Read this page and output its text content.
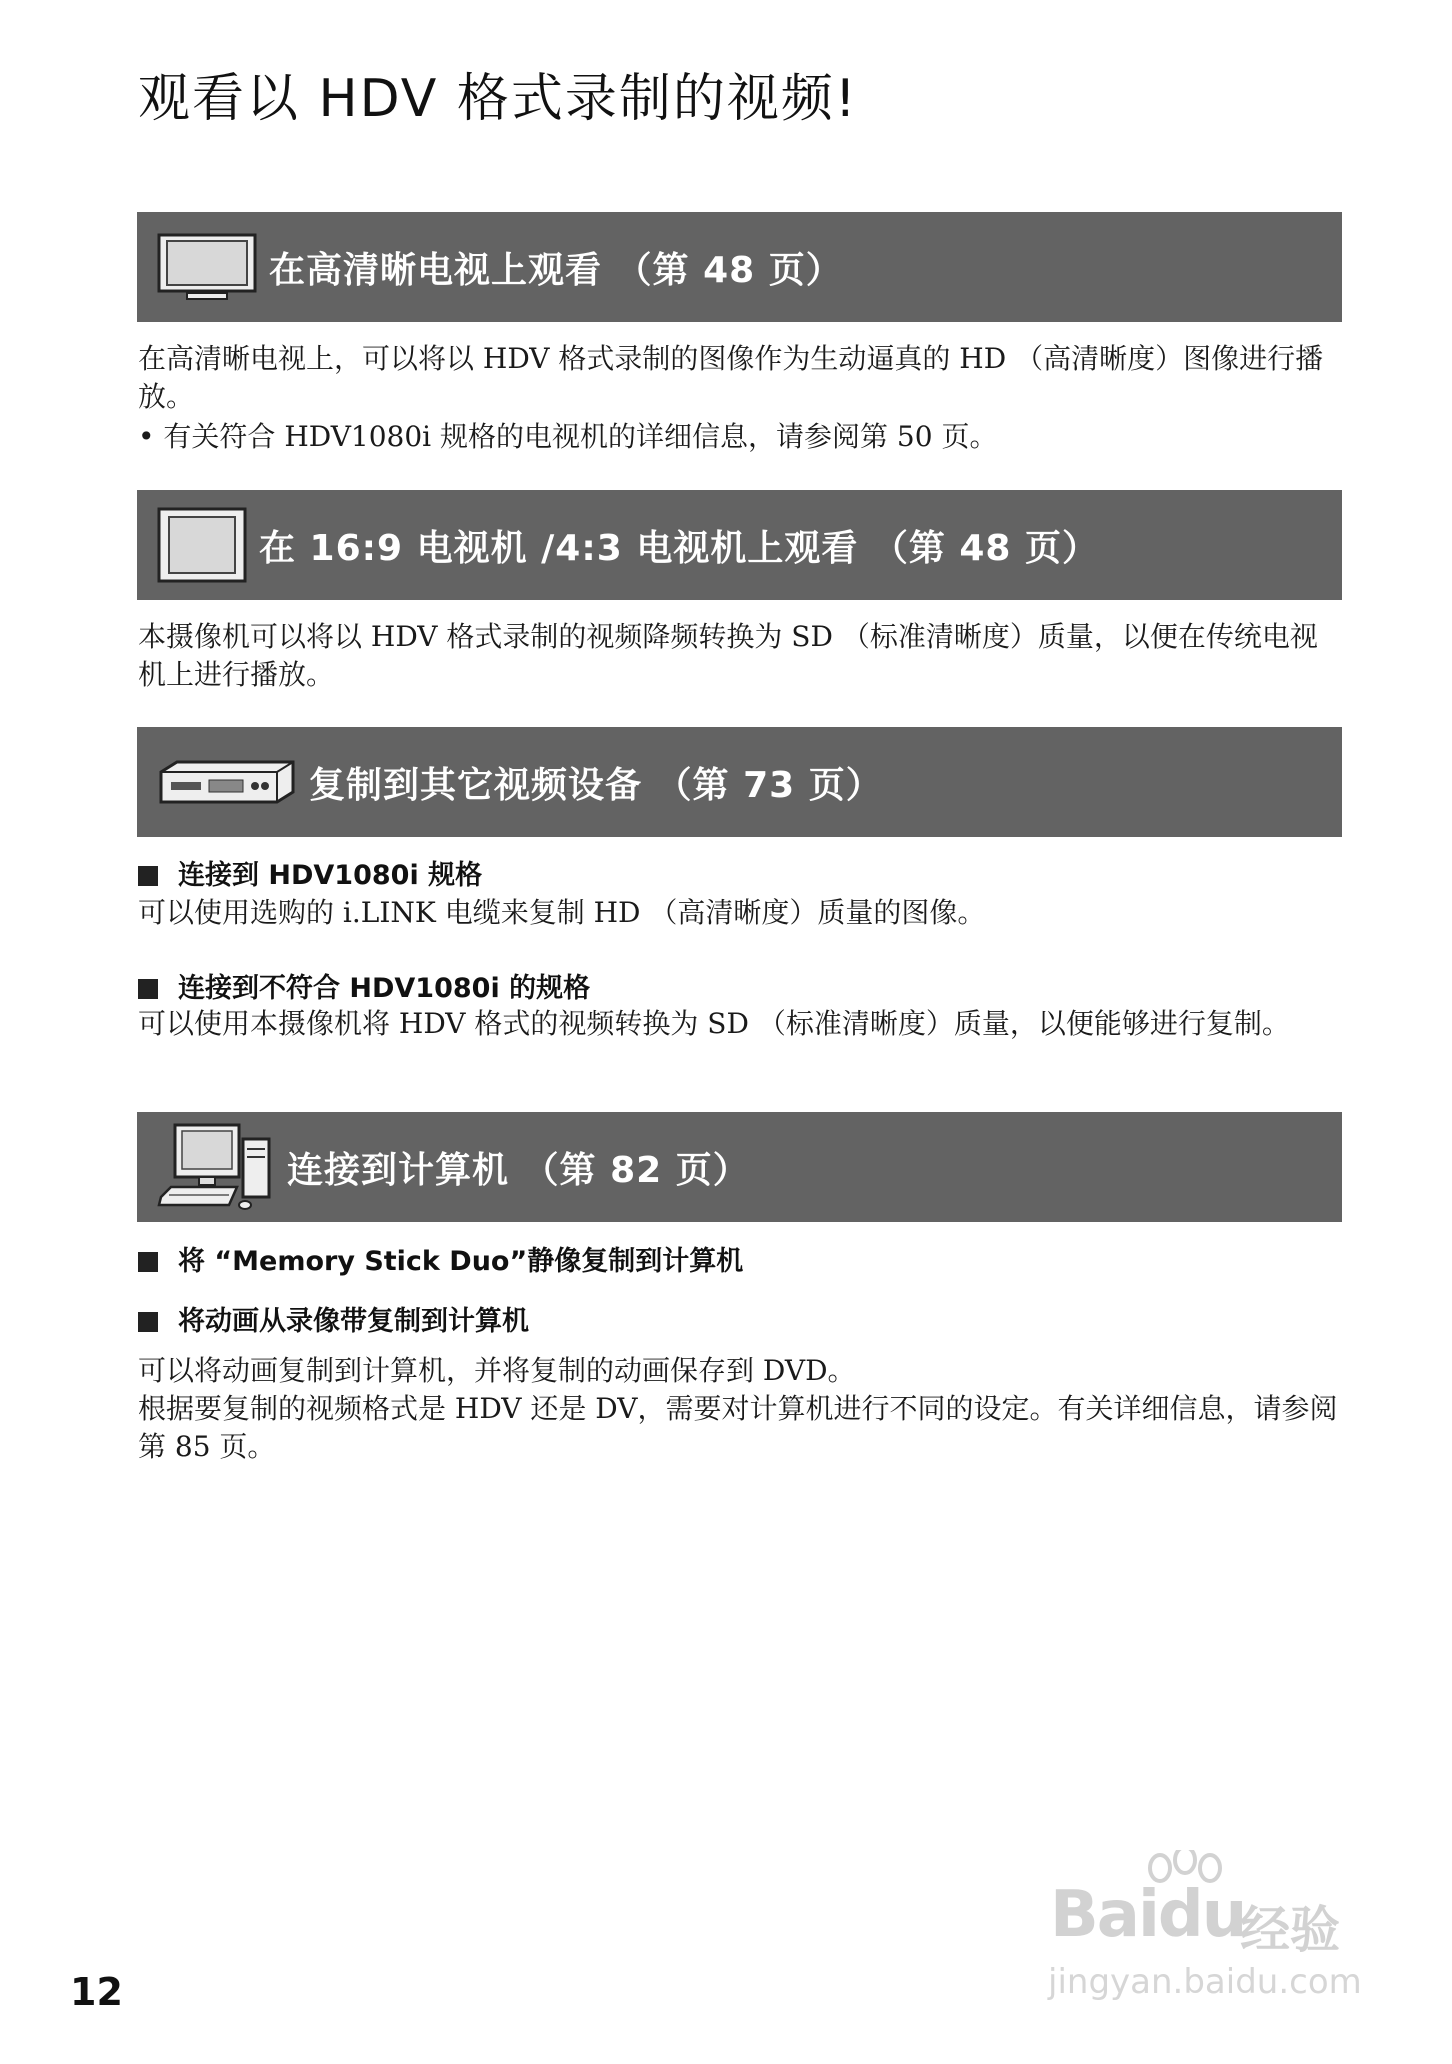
观看以 HDV 格式录制的视频!
在高清晰电视上观看 （第 48 页）

在高清晰电视上，可以将以 HDV 格式录制的图像作为生动逼真的 HD （高清晰度）图像进行播放。

• 有关符合 HDV1080i 规格的电视机的详细信息，请参阅第 50 页。

在 16:9 电视机 /4:3 电视机上观看 （第 48 页）

本摄像机可以将以 HDV 格式录制的视频降频转换为 SD （标准清晰度）质量，以便在传统电视机上进行播放。

复制到其它视频设备 （第 73 页）
连接到 HDV1080i 规格

可以使用选购的 i.LINK 电缆来复制 HD （高清晰度）质量的图像。

连接到不符合 HDV1080i 的规格

可以使用本摄像机将 HDV 格式的视频转换为 SD （标准清晰度）质量，以便能够进行复制。

连接到计算机 （第 82 页）
将 “Memory Stick Duo”静像复制到计算机
将动画从录像带复制到计算机

可以将动画复制到计算机，并将复制的动画保存到 DVD。

根据要复制的视频格式是 HDV 还是 DV，需要对计算机进行不同的设定。有关详细信息，请参阅第 85 页。

12
Baidu
经验
jingyan.baidu.com
